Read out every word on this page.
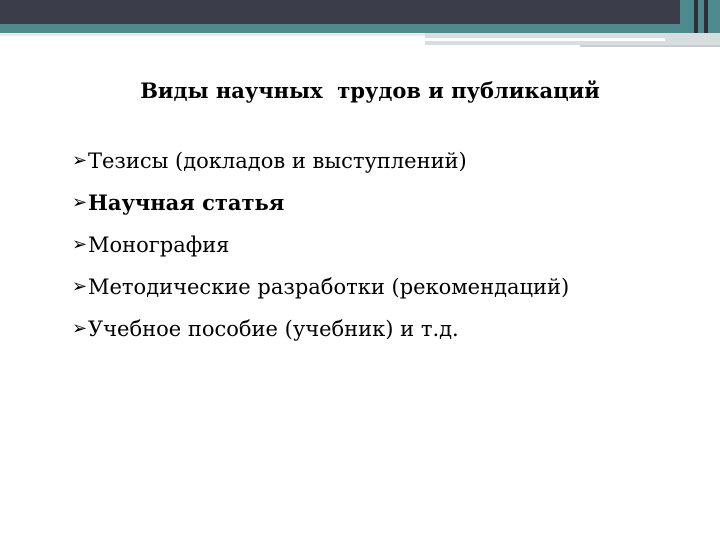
Виды научных  трудов и публикаций
➢ Тезисы (докладов и выступлений)
➢ Научная статья
➢ Монография
➢ Методические разработки (рекомендаций)
➢ Учебное пособие (учебник) и т.д.
